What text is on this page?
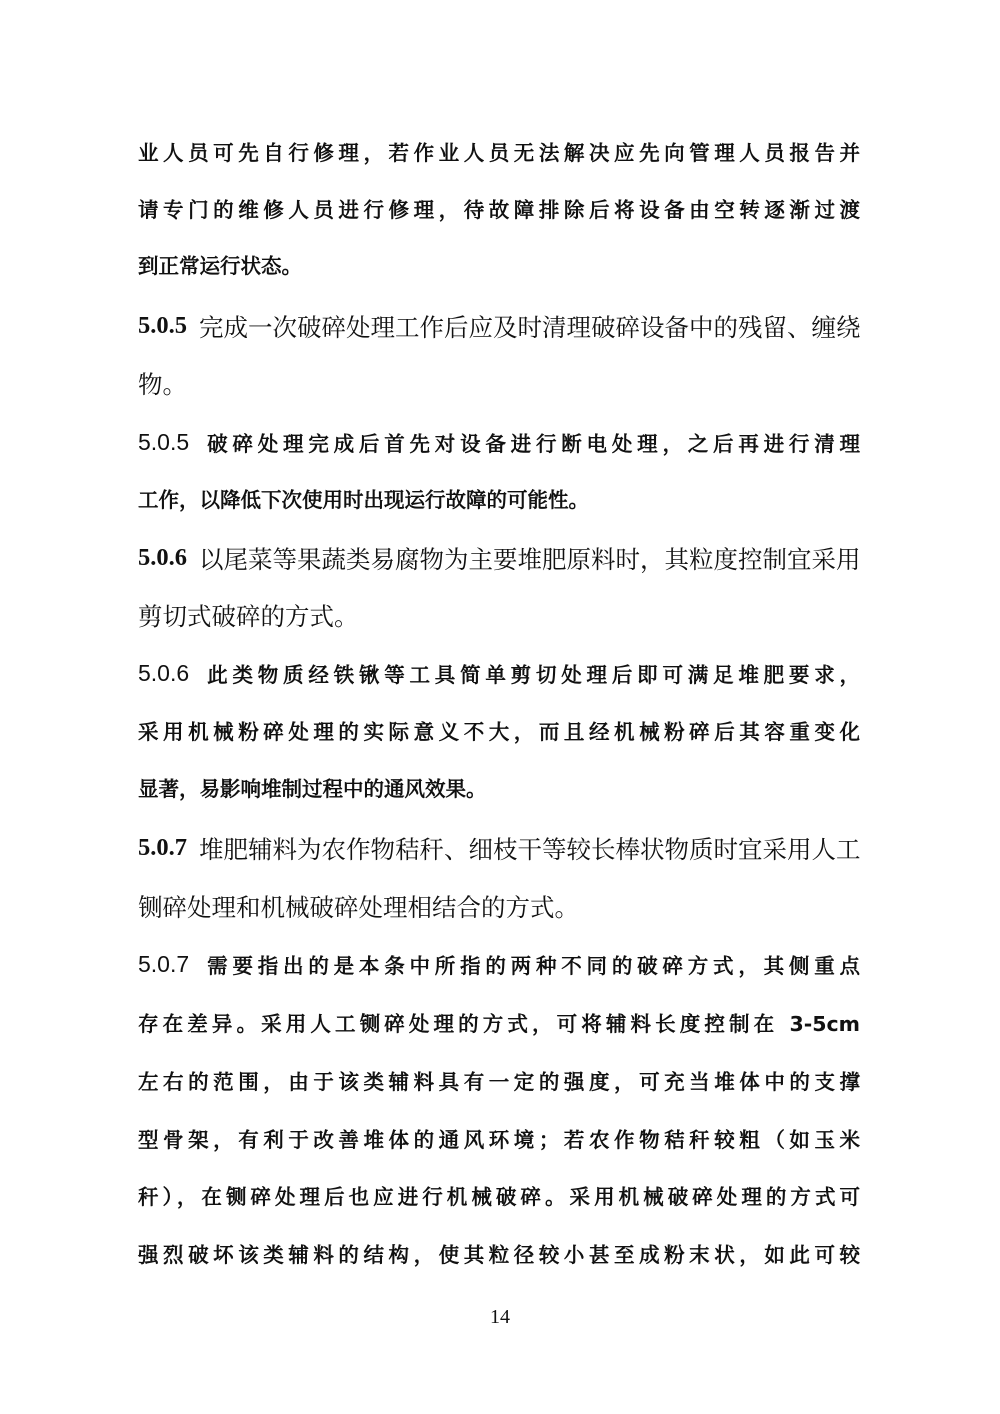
业人员可先自行修理，若作业人员无法解决应先向管理人员报告并
请专门的维修人员进行修理，待故障排除后将设备由空转逐渐过渡
到正常运行状态。
5.0.5 完成一次破碎处理工作后应及时清理破碎设备中的残留、缠绕
物。
5.0.5 破碎处理完成后首先对设备进行断电处理，之后再进行清理
工作，以降低下次使用时出现运行故障的可能性。
5.0.6 以尾菜等果蔬类易腐物为主要堆肥原料时，其粒度控制宜采用
剪切式破碎的方式。
5.0.6 此类物质经铁锹等工具简单剪切处理后即可满足堆肥要求，
采用机械粉碎处理的实际意义不大，而且经机械粉碎后其容重变化
显著，易影响堆制过程中的通风效果。
5.0.7 堆肥辅料为农作物秸秆、细枝干等较长棒状物质时宜采用人工
铡碎处理和机械破碎处理相结合的方式。
5.0.7 需要指出的是本条中所指的两种不同的破碎方式，其侧重点
存在差异。采用人工铡碎处理的方式，可将辅料长度控制在 3-5cm
左右的范围，由于该类辅料具有一定的强度，可充当堆体中的支撑
型骨架，有利于改善堆体的通风环境；若农作物秸秆较粗（如玉米
秆），在铡碎处理后也应进行机械破碎。采用机械破碎处理的方式可
强烈破坏该类辅料的结构，使其粒径较小甚至成粉末状，如此可较
14
